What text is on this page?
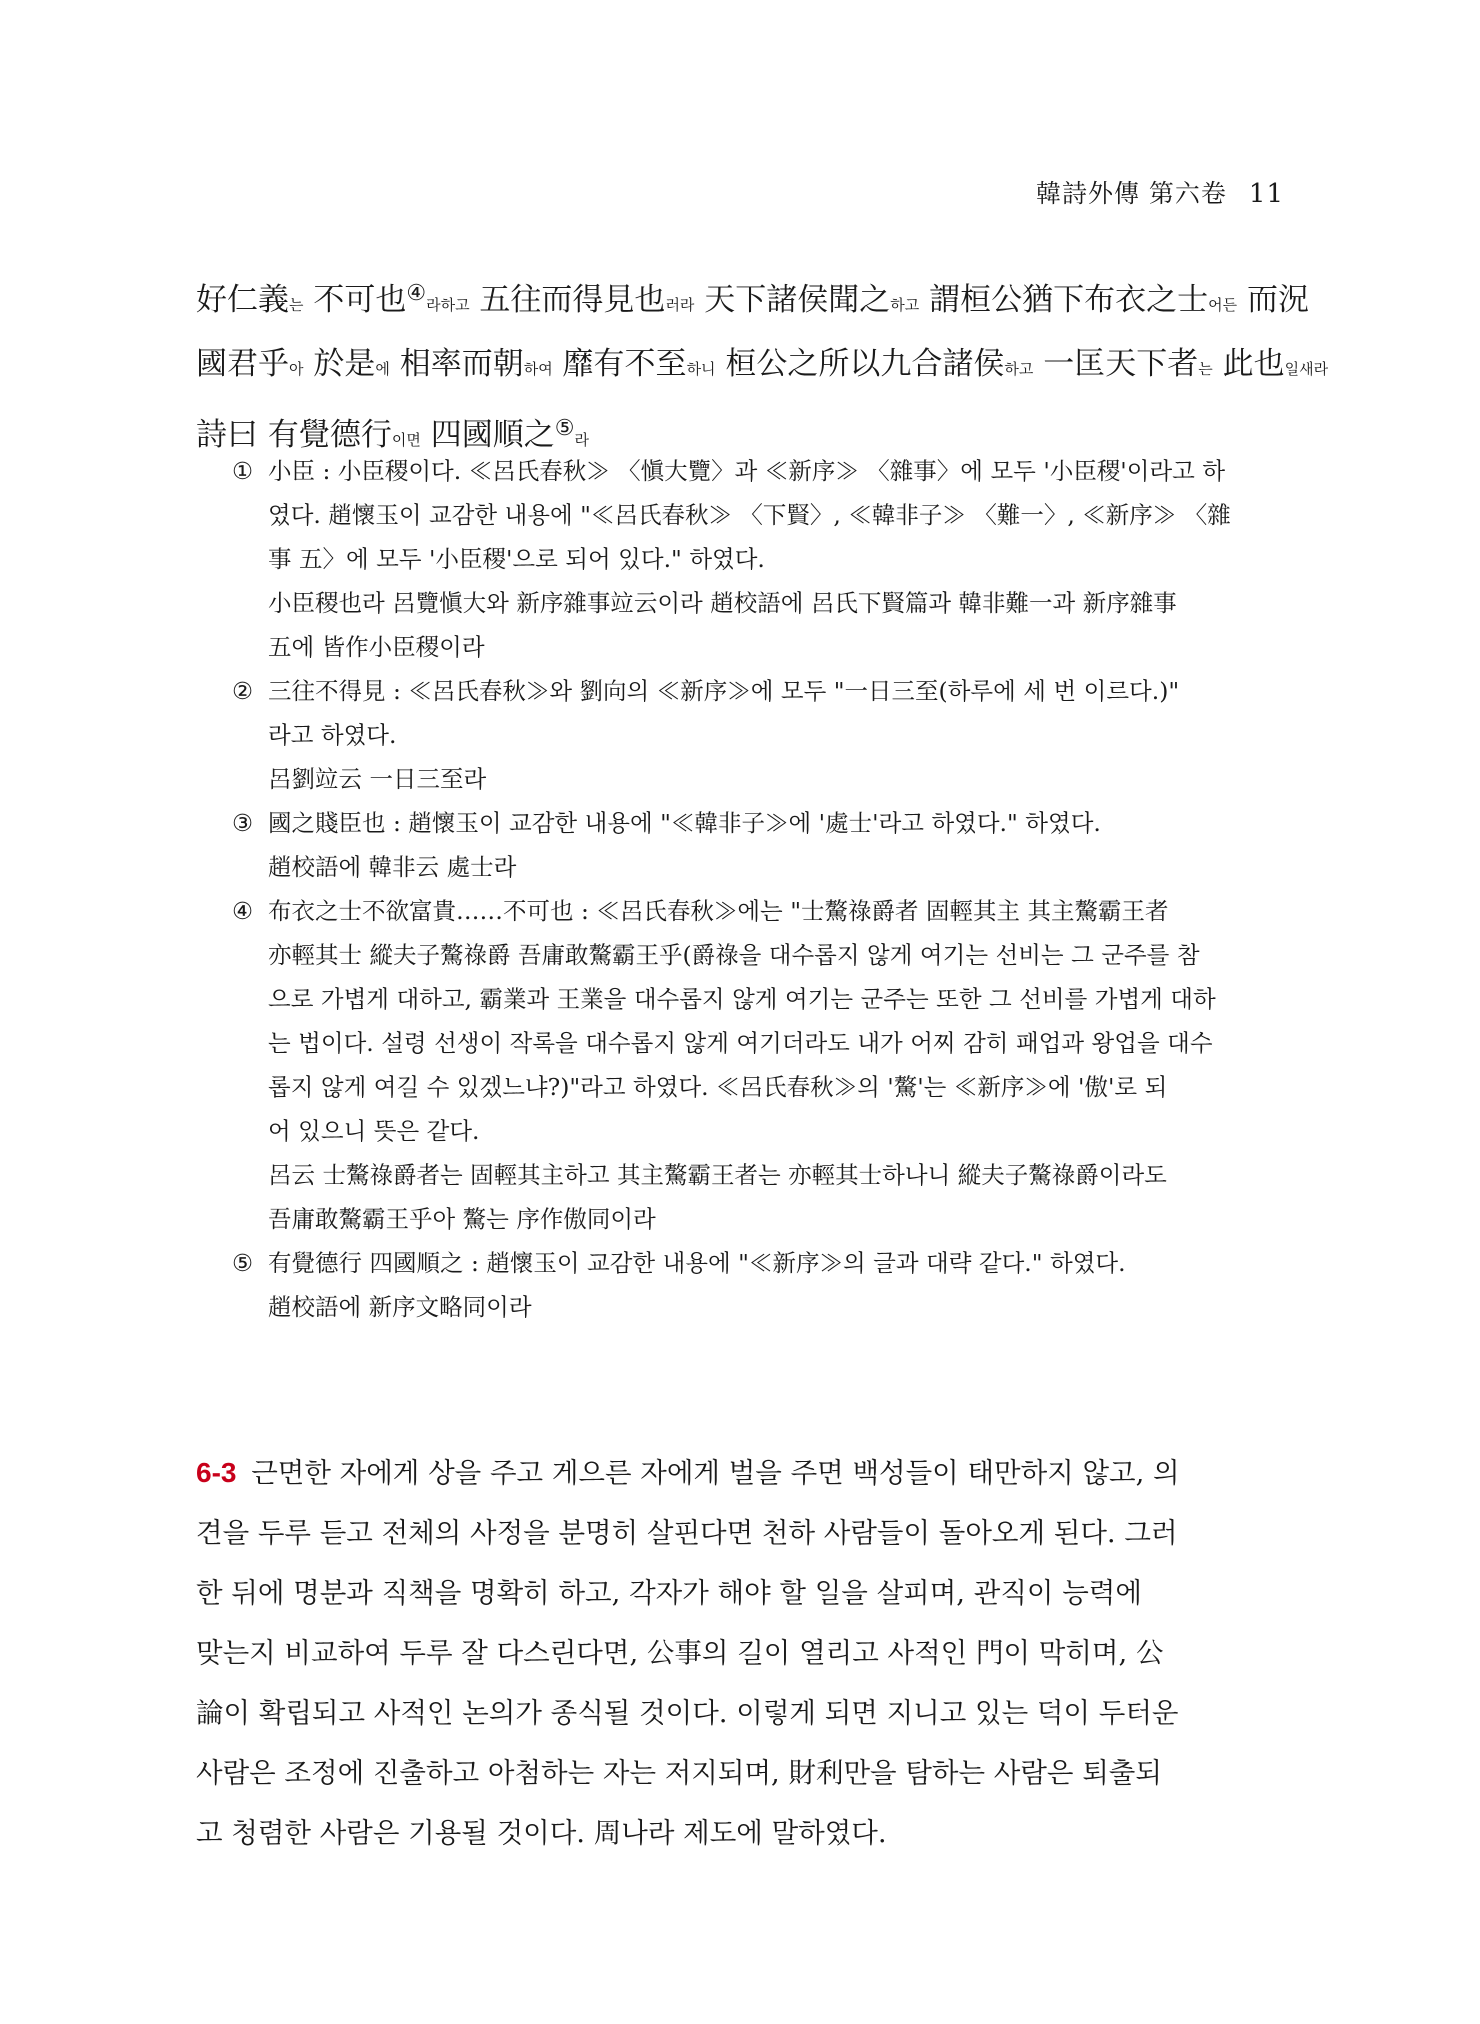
韓詩外傳 第六卷 11
好仁義는 不可也④라하고 五往而得見也러라 天下諸侯聞之하고 謂桓公猶下布衣之士어든 而況
國君乎아 於是에 相率而朝하여 靡有不至하니 桓公之所以九合諸侯하고 一匡天下者는 此也일새라
詩曰 有覺德行이면 四國順之⑤라
① 小臣 : 小臣稷이다. ≪呂氏春秋≫ 〈愼大覽〉과 ≪新序≫ 〈雜事〉에 모두 '小臣稷'이라고 하
였다. 趙懷玉이 교감한 내용에 "≪呂氏春秋≫ 〈下賢〉, ≪韓非子≫ 〈難一〉, ≪新序≫ 〈雜
事 五〉에 모두 '小臣稷'으로 되어 있다." 하였다.
小臣稷也라 呂覽愼大와 新序雜事竝云이라 趙校語에 呂氏下賢篇과 韓非難一과 新序雜事
五에 皆作小臣稷이라
② 三往不得見 : ≪呂氏春秋≫와 劉向의 ≪新序≫에 모두 "一日三至(하루에 세 번 이르다.)"
라고 하였다.
呂劉竝云 一日三至라
③ 國之賤臣也 : 趙懷玉이 교감한 내용에 "≪韓非子≫에 '處士'라고 하였다." 하였다.
趙校語에 韓非云 處士라
④ 布衣之士不欲富貴……不可也 : ≪呂氏春秋≫에는 "士驁祿爵者 固輕其主 其主驁霸王者
亦輕其士 縱夫子驁祿爵 吾庸敢驁霸王乎(爵祿을 대수롭지 않게 여기는 선비는 그 군주를 참
으로 가볍게 대하고, 霸業과 王業을 대수롭지 않게 여기는 군주는 또한 그 선비를 가볍게 대하
는 법이다. 설령 선생이 작록을 대수롭지 않게 여기더라도 내가 어찌 감히 패업과 왕업을 대수
롭지 않게 여길 수 있겠느냐?)"라고 하였다. ≪呂氏春秋≫의 '驁'는 ≪新序≫에 '傲'로 되
어 있으니 뜻은 같다.
呂云 士驁祿爵者는 固輕其主하고 其主驁霸王者는 亦輕其士하나니 縱夫子驁祿爵이라도
吾庸敢驁霸王乎아 驁는 序作傲同이라
⑤ 有覺德行 四國順之 : 趙懷玉이 교감한 내용에 "≪新序≫의 글과 대략 같다." 하였다.
趙校語에 新序文略同이라
6-3 근면한 자에게 상을 주고 게으른 자에게 벌을 주면 백성들이 태만하지 않고, 의
견을 두루 듣고 전체의 사정을 분명히 살핀다면 천하 사람들이 돌아오게 된다. 그러
한 뒤에 명분과 직책을 명확히 하고, 각자가 해야 할 일을 살피며, 관직이 능력에
맞는지 비교하여 두루 잘 다스린다면, 公事의 길이 열리고 사적인 門이 막히며, 公
論이 확립되고 사적인 논의가 종식될 것이다. 이렇게 되면 지니고 있는 덕이 두터운
사람은 조정에 진출하고 아첨하는 자는 저지되며, 財利만을 탐하는 사람은 퇴출되
고 청렴한 사람은 기용될 것이다. 周나라 제도에 말하였다.
